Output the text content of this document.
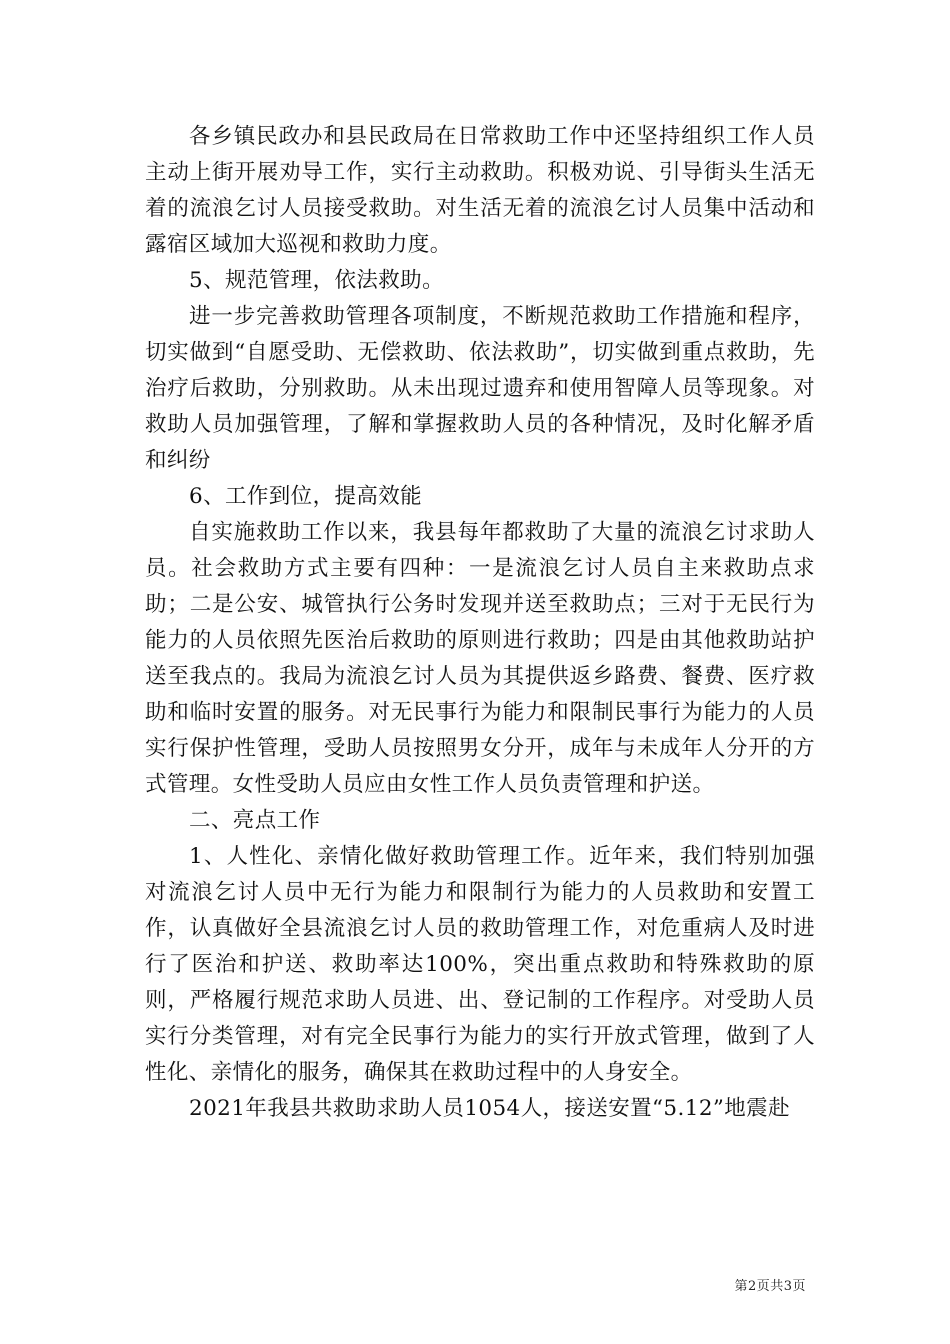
各乡镇民政办和县民政局在日常救助工作中还坚持组织工作人员主动上街开展劝导工作，实行主动救助。积极劝说、引导街头生活无着的流浪乞讨人员接受救助。对生活无着的流浪乞讨人员集中活动和露宿区域加大巡视和救助力度。

5、规范管理，依法救助。

进一步完善救助管理各项制度，不断规范救助工作措施和程序，切实做到“自愿受助、无偿救助、依法救助”，切实做到重点救助，先治疗后救助，分别救助。从未出现过遗弃和使用智障人员等现象。对救助人员加强管理，了解和掌握救助人员的各种情况，及时化解矛盾和纠纷

6、工作到位，提高效能

自实施救助工作以来，我县每年都救助了大量的流浪乞讨求助人员。社会救助方式主要有四种：一是流浪乞讨人员自主来救助点求助；二是公安、城管执行公务时发现并送至救助点；三对于无民行为能力的人员依照先医治后救助的原则进行救助；四是由其他救助站护送至我点的。我局为流浪乞讨人员为其提供返乡路费、餐费、医疗救助和临时安置的服务。对无民事行为能力和限制民事行为能力的人员实行保护性管理，受助人员按照男女分开，成年与未成年人分开的方式管理。女性受助人员应由女性工作人员负责管理和护送。

二、亮点工作

1、人性化、亲情化做好救助管理工作。近年来，我们特别加强对流浪乞讨人员中无行为能力和限制行为能力的人员救助和安置工作，认真做好全县流浪乞讨人员的救助管理工作，对危重病人及时进行了医治和护送、救助率达100%，突出重点救助和特殊救助的原则，严格履行规范求助人员进、出、登记制的工作程序。对受助人员实行分类管理，对有完全民事行为能力的实行开放式管理，做到了人性化、亲情化的服务，确保其在救助过程中的人身安全。

2021年我县共救助求助人员1054人，接送安置“5.12”地震赴

第2页共3页
